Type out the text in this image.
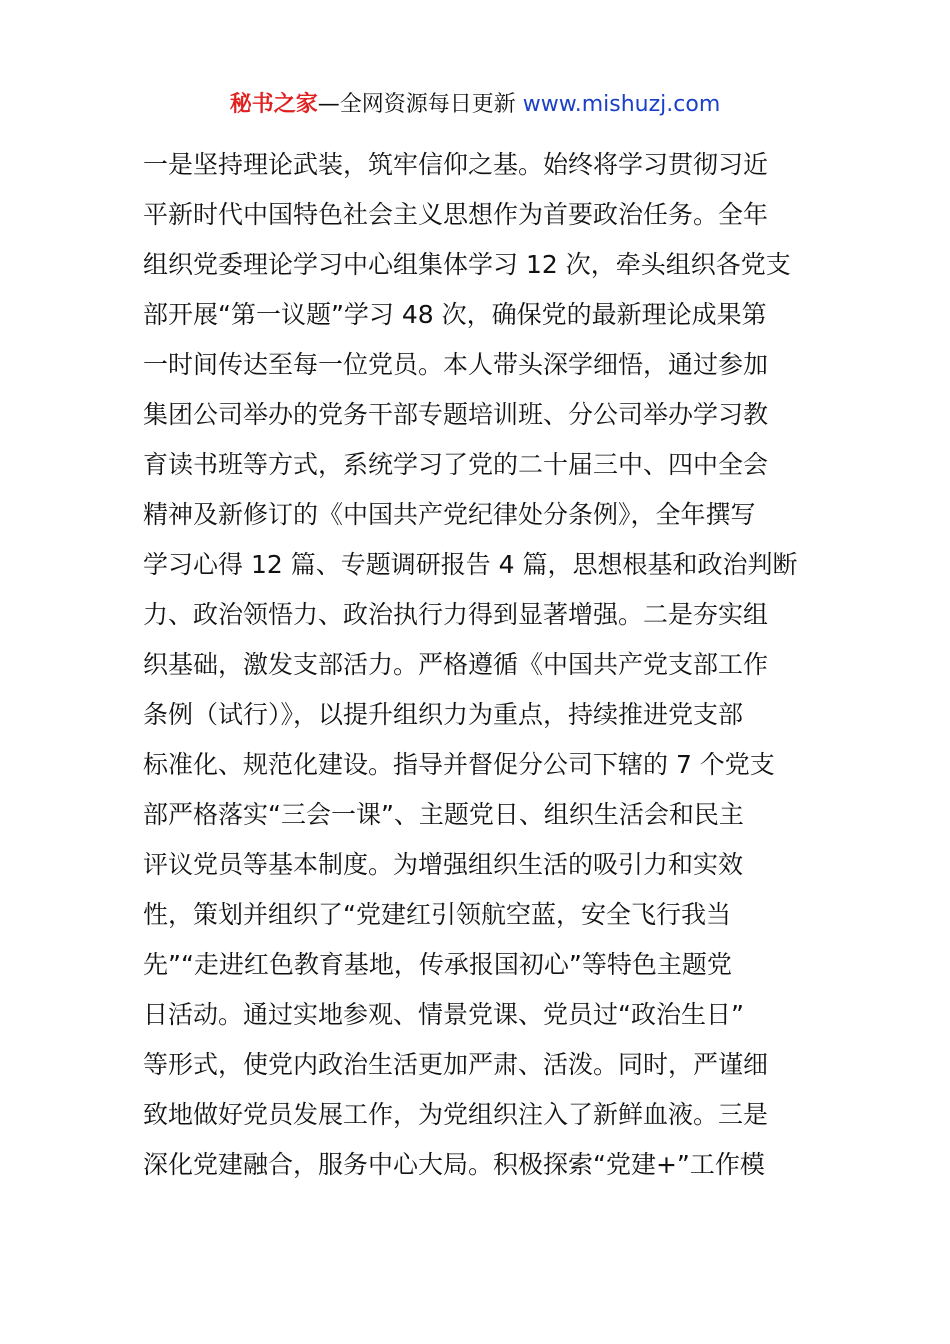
秘书之家—全网资源每日更新 www.mishuzj.com
一是坚持理论武装，筑牢信仰之基。始终将学习贯彻习近
平新时代中国特色社会主义思想作为首要政治任务。全年
组织党委理论学习中心组集体学习 12 次，牵头组织各党支
部开展“第一议题”学习 48 次，确保党的最新理论成果第
一时间传达至每一位党员。本人带头深学细悟，通过参加
集团公司举办的党务干部专题培训班、分公司举办学习教
育读书班等方式，系统学习了党的二十届三中、四中全会
精神及新修订的《中国共产党纪律处分条例》，全年撰写
学习心得 12 篇、专题调研报告 4 篇，思想根基和政治判断
力、政治领悟力、政治执行力得到显著增强。二是夯实组
织基础，激发支部活力。严格遵循《中国共产党支部工作
条例（试行）》，以提升组织力为重点，持续推进党支部
标准化、规范化建设。指导并督促分公司下辖的 7 个党支
部严格落实“三会一课”、主题党日、组织生活会和民主
评议党员等基本制度。为增强组织生活的吸引力和实效
性，策划并组织了“党建红引领航空蓝，安全飞行我当
先”“走进红色教育基地，传承报国初心”等特色主题党
日活动。通过实地参观、情景党课、党员过“政治生日”
等形式，使党内政治生活更加严肃、活泼。同时，严谨细
致地做好党员发展工作，为党组织注入了新鲜血液。三是
深化党建融合，服务中心大局。积极探索“党建+”工作模
